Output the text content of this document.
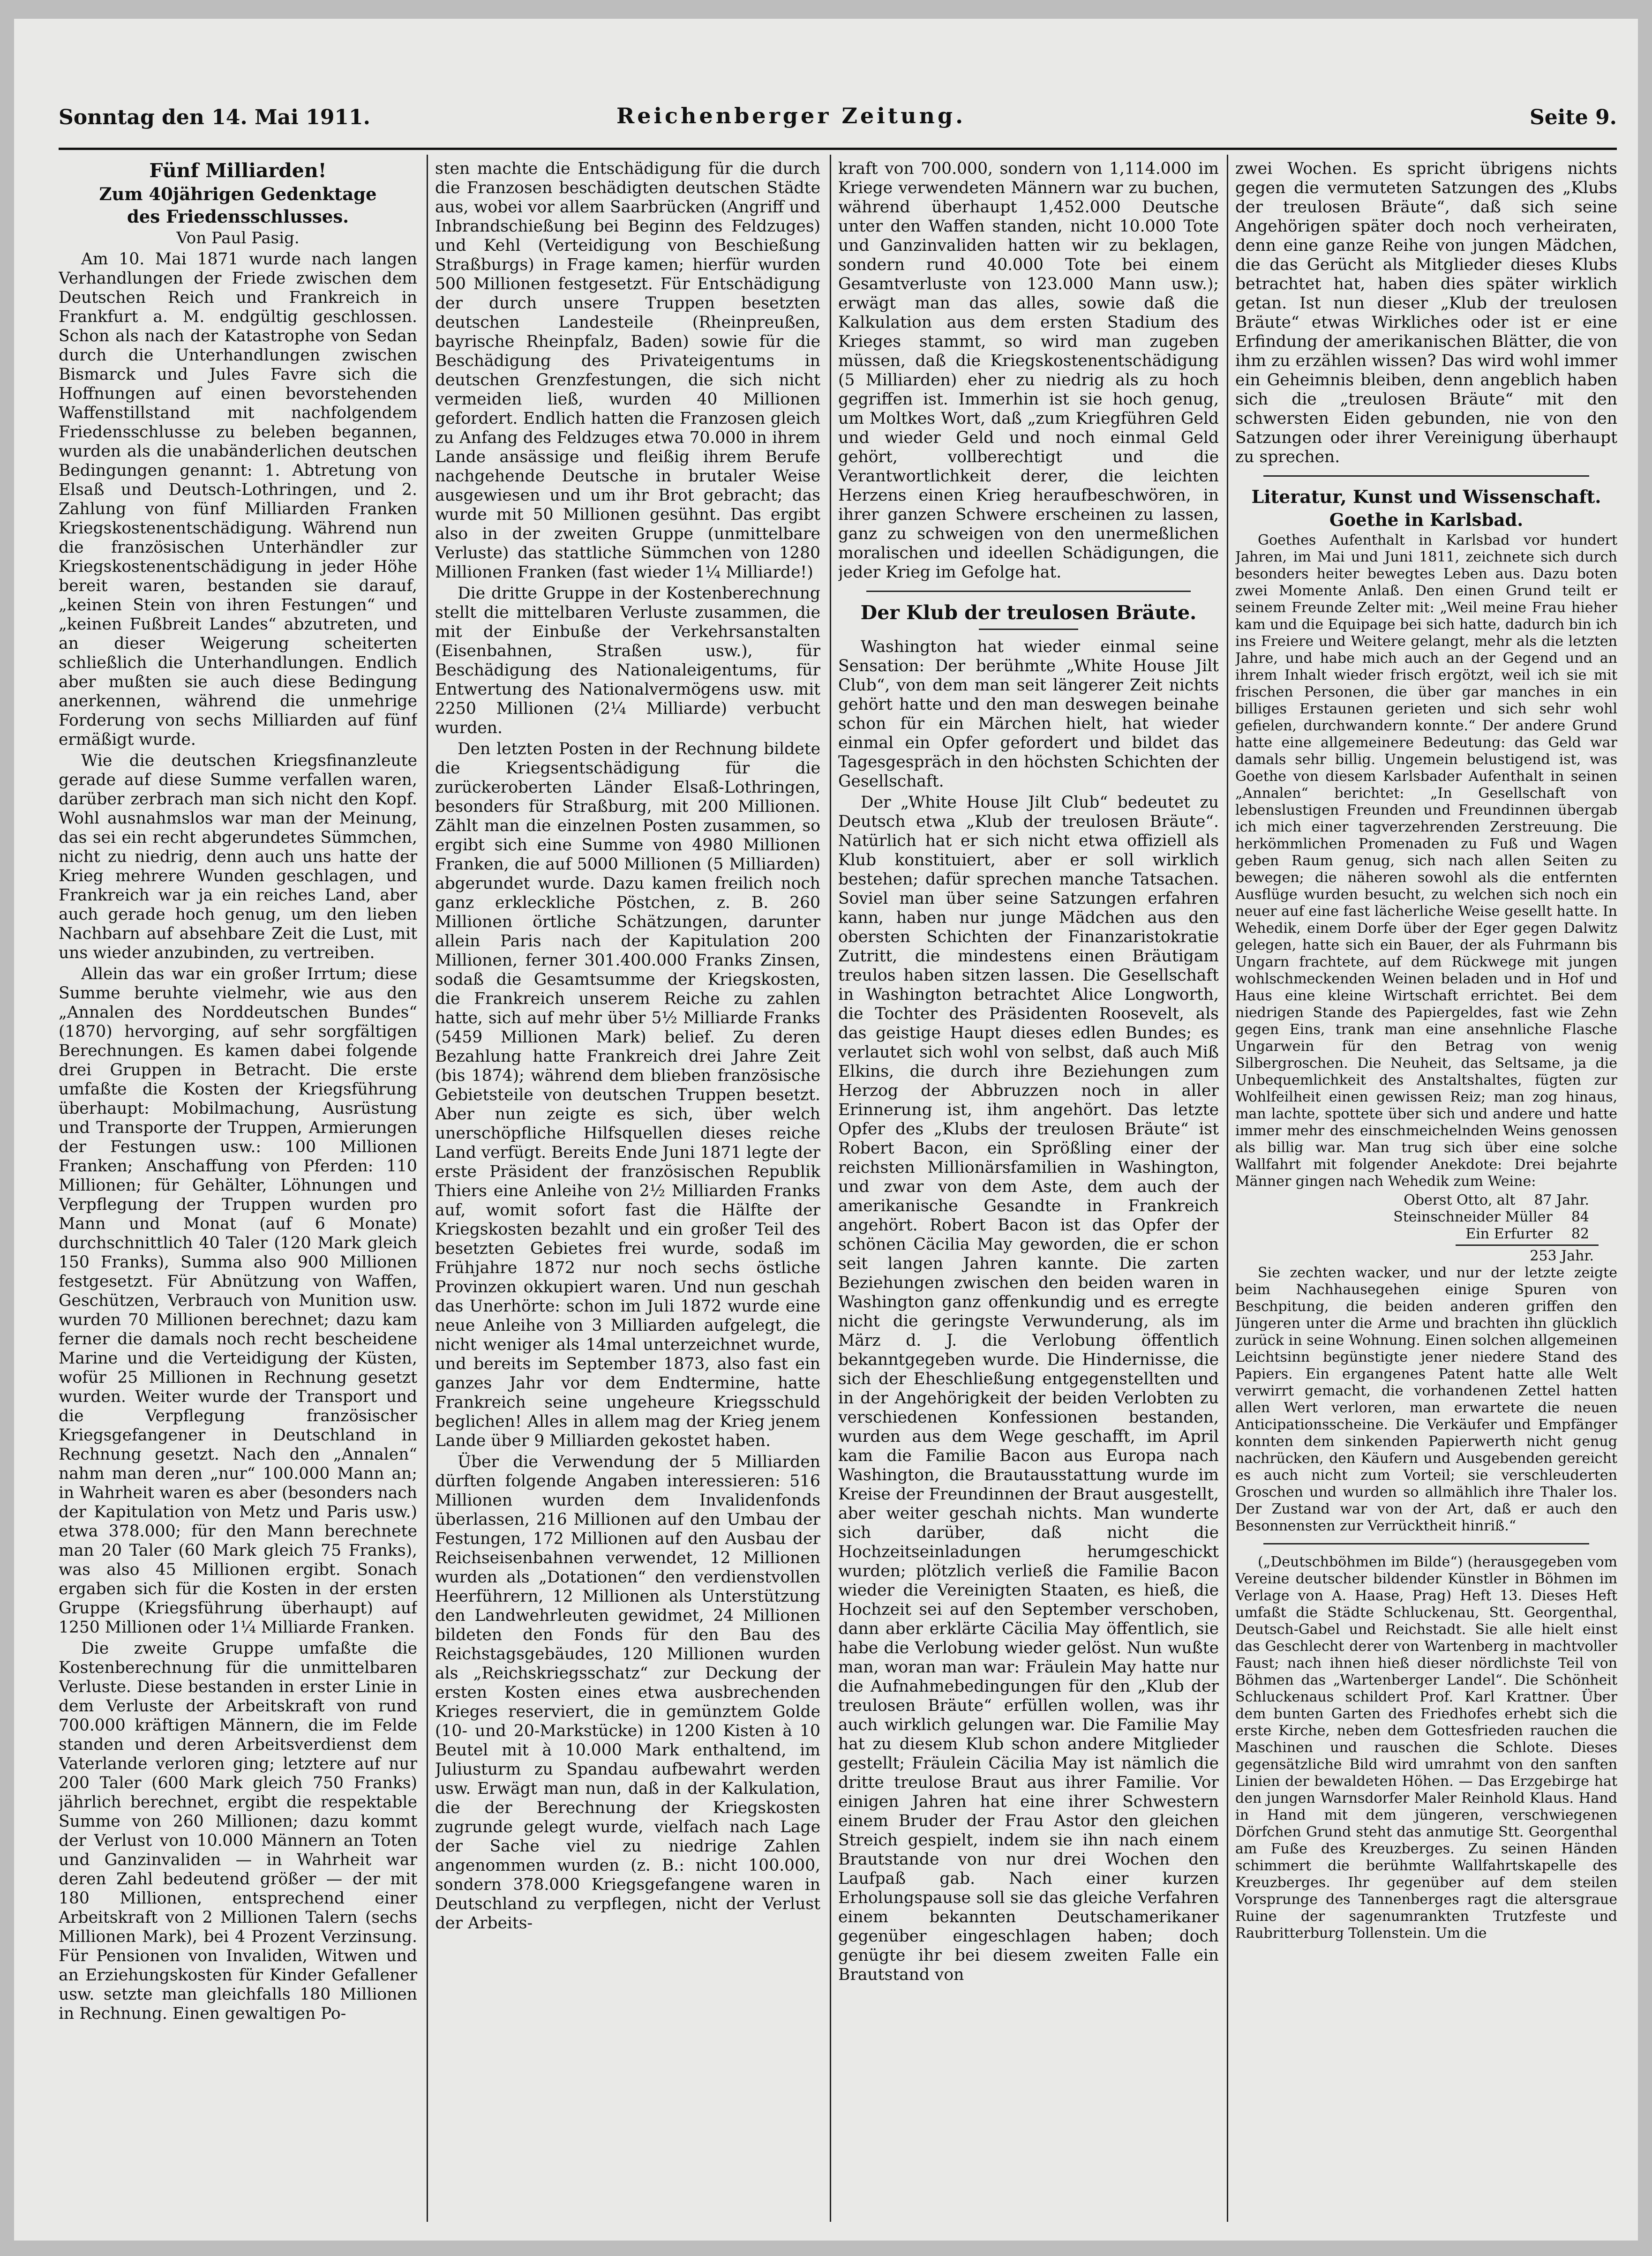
Sonntag den 14. Mai 1911.	Reichenberger Zeitung.	Seite 9.

Fünf Milliarden!

Zum 40jährigen Gedenktage

des Friedensschlusses.

Von Paul Pasig.

Am 10. Mai 1871 wurde nach langen Verhandlungen der Friede zwischen dem Deutschen Reich und Frankreich in Frankfurt a. M. endgültig geschlossen. Schon als nach der Katastrophe von Sedan durch die Unterhandlungen zwischen Bismarck und Jules Favre sich die Hoffnungen auf einen bevorstehenden Waffenstillstand mit nachfolgendem Friedensschlusse zu beleben begannen, wurden als die unabänderlichen deutschen Bedingungen genannt: 1. Abtretung von Elsaß und Deutsch-Lothringen, und 2. Zahlung von fünf Milliarden Franken Kriegskostenentschädigung. Während nun die französischen Unterhändler zur Kriegskostenentschädigung in jeder Höhe bereit waren, bestanden sie darauf, „keinen Stein von ihren Festungen“ und „keinen Fußbreit Landes“ abzutreten, und an dieser Weigerung scheiterten schließlich die Unterhandlungen. Endlich aber mußten sie auch diese Bedingung anerkennen, während die unmehrige Forderung von sechs Milliarden auf fünf ermäßigt wurde.

Wie die deutschen Kriegsfinanzleute gerade auf diese Summe verfallen waren, darüber zerbrach man sich nicht den Kopf. Wohl ausnahmslos war man der Meinung, das sei ein recht abgerundetes Sümmchen, nicht zu niedrig, denn auch uns hatte der Krieg mehrere Wunden geschlagen, und Frankreich war ja ein reiches Land, aber auch gerade hoch genug, um den lieben Nachbarn auf absehbare Zeit die Lust, mit uns wieder anzubinden, zu vertreiben.

Allein das war ein großer Irrtum; diese Summe beruhte vielmehr, wie aus den „Annalen des Norddeutschen Bundes“ (1870) hervorging, auf sehr sorgfältigen Berechnungen. Es kamen dabei folgende drei Gruppen in Betracht. Die erste umfaßte die Kosten der Kriegsführung überhaupt: Mobilmachung, Ausrüstung und Transporte der Truppen, Armierungen der Festungen usw.: 100 Millionen Franken; Anschaffung von Pferden: 110 Millionen; für Gehälter, Löhnungen und Verpflegung der Truppen wurden pro Mann und Monat (auf 6 Monate) durchschnittlich 40 Taler (120 Mark gleich 150 Franks), Summa also 900 Millionen festgesetzt. Für Abnützung von Waffen, Geschützen, Verbrauch von Munition usw. wurden 70 Millionen berechnet; dazu kam ferner die damals noch recht bescheidene Marine und die Verteidigung der Küsten, wofür 25 Millionen in Rechnung gesetzt wurden. Weiter wurde der Transport und die Verpflegung französischer Kriegsgefangener in Deutschland in Rechnung gesetzt. Nach den „Annalen“ nahm man deren „nur“ 100.000 Mann an; in Wahrheit waren es aber (besonders nach der Kapitulation von Metz und Paris usw.) etwa 378.000; für den Mann berechnete man 20 Taler (60 Mark gleich 75 Franks), was also 45 Millionen ergibt. Sonach ergaben sich für die Kosten in der ersten Gruppe (Kriegsführung überhaupt) auf 1250 Millionen oder 1¼ Milliarde Franken.

Die zweite Gruppe umfaßte die Kostenberechnung für die unmittelbaren Verluste. Diese bestanden in erster Linie in dem Verluste der Arbeitskraft von rund 700.000 kräftigen Männern, die im Felde standen und deren Arbeitsverdienst dem Vaterlande verloren ging; letztere auf nur 200 Taler (600 Mark gleich 750 Franks) jährlich berechnet, ergibt die respektable Summe von 260 Millionen; dazu kommt der Verlust von 10.000 Männern an Toten und Ganzinvaliden — in Wahrheit war deren Zahl bedeutend größer — der mit 180 Millionen, entsprechend einer Arbeitskraft von 2 Millionen Talern (sechs Millionen Mark), bei 4 Prozent Verzinsung. Für Pensionen von Invaliden, Witwen und an Erziehungskosten für Kinder Gefallener usw. setzte man gleichfalls 180 Millionen in Rechnung. Einen gewaltigen Po-

sten machte die Entschädigung für die durch die Franzosen beschädigten deutschen Städte aus, wobei vor allem Saarbrücken (Angriff und Inbrandschießung bei Beginn des Feldzuges) und Kehl (Verteidigung von Beschießung Straßburgs) in Frage kamen; hierfür wurden 500 Millionen festgesetzt. Für Entschädigung der durch unsere Truppen besetzten deutschen Landesteile (Rheinpreußen, bayrische Rheinpfalz, Baden) sowie für die Beschädigung des Privateigentums in deutschen Grenzfestungen, die sich nicht vermeiden ließ, wurden 40 Millionen gefordert. Endlich hatten die Franzosen gleich zu Anfang des Feldzuges etwa 70.000 in ihrem Lande ansässige und fleißig ihrem Berufe nachgehende Deutsche in brutaler Weise ausgewiesen und um ihr Brot gebracht; das wurde mit 50 Millionen gesühnt. Das ergibt also in der zweiten Gruppe (unmittelbare Verluste) das stattliche Sümmchen von 1280 Millionen Franken (fast wieder 1¼ Milliarde!)

Die dritte Gruppe in der Kostenberechnung stellt die mittelbaren Verluste zusammen, die mit der Einbuße der Verkehrsanstalten (Eisenbahnen, Straßen usw.), für Beschädigung des Nationaleigentums, für Entwertung des Nationalvermögens usw. mit 2250 Millionen (2¼ Milliarde) verbucht wurden.

Den letzten Posten in der Rechnung bildete die Kriegsentschädigung für die zurückeroberten Länder Elsaß-Lothringen, besonders für Straßburg, mit 200 Millionen. Zählt man die einzelnen Posten zusammen, so ergibt sich eine Summe von 4980 Millionen Franken, die auf 5000 Millionen (5 Milliarden) abgerundet wurde. Dazu kamen freilich noch ganz erkleckliche Pöstchen, z. B. 260 Millionen örtliche Schätzungen, darunter allein Paris nach der Kapitulation 200 Millionen, ferner 301.400.000 Franks Zinsen, sodaß die Gesamtsumme der Kriegskosten, die Frankreich unserem Reiche zu zahlen hatte, sich auf mehr über 5½ Milliarde Franks (5459 Millionen Mark) belief. Zu deren Bezahlung hatte Frankreich drei Jahre Zeit (bis 1874); während dem blieben französische Gebietsteile von deutschen Truppen besetzt. Aber nun zeigte es sich, über welch unerschöpfliche Hilfsquellen dieses reiche Land verfügt. Bereits Ende Juni 1871 legte der erste Präsident der französischen Republik Thiers eine Anleihe von 2½ Milliarden Franks auf, womit sofort fast die Hälfte der Kriegskosten bezahlt und ein großer Teil des besetzten Gebietes frei wurde, sodaß im Frühjahre 1872 nur noch sechs östliche Provinzen okkupiert waren. Und nun geschah das Unerhörte: schon im Juli 1872 wurde eine neue Anleihe von 3 Milliarden aufgelegt, die nicht weniger als 14mal unterzeichnet wurde, und bereits im September 1873, also fast ein ganzes Jahr vor dem Endtermine, hatte Frankreich seine ungeheure Kriegsschuld beglichen! Alles in allem mag der Krieg jenem Lande über 9 Milliarden gekostet haben.

Über die Verwendung der 5 Milliarden dürften folgende Angaben interessieren: 516 Millionen wurden dem Invalidenfonds überlassen, 216 Millionen auf den Umbau der Festungen, 172 Millionen auf den Ausbau der Reichseisenbahnen verwendet, 12 Millionen wurden als „Dotationen“ den verdienstvollen Heerführern, 12 Millionen als Unterstützung den Landwehrleuten gewidmet, 24 Millionen bildeten den Fonds für den Bau des Reichstagsgebäudes, 120 Millionen wurden als „Reichskriegsschatz“ zur Deckung der ersten Kosten eines etwa ausbrechenden Krieges reserviert, die in gemünztem Golde (10- und 20-Markstücke) in 1200 Kisten à 10 Beutel mit à 10.000 Mark enthaltend, im Juliusturm zu Spandau aufbewahrt werden usw. Erwägt man nun, daß in der Kalkulation, die der Berechnung der Kriegskosten zugrunde gelegt wurde, vielfach nach Lage der Sache viel zu niedrige Zahlen angenommen wurden (z. B.: nicht 100.000, sondern 378.000 Kriegsgefangene waren in Deutschland zu verpflegen, nicht der Verlust der Arbeits-

kraft von 700.000, sondern von 1,114.000 im Kriege verwendeten Männern war zu buchen, während überhaupt 1,452.000 Deutsche unter den Waffen standen, nicht 10.000 Tote und Ganzinvaliden hatten wir zu beklagen, sondern rund 40.000 Tote bei einem Gesamtverluste von 123.000 Mann usw.); erwägt man das alles, sowie daß die Kalkulation aus dem ersten Stadium des Krieges stammt, so wird man zugeben müssen, daß die Kriegskostenentschädigung (5 Milliarden) eher zu niedrig als zu hoch gegriffen ist. Immerhin ist sie hoch genug, um Moltkes Wort, daß „zum Kriegführen Geld und wieder Geld und noch einmal Geld gehört, vollberechtigt und die Verantwortlichkeit derer, die leichten Herzens einen Krieg heraufbeschwören, in ihrer ganzen Schwere erscheinen zu lassen, ganz zu schweigen von den unermeßlichen moralischen und ideellen Schädigungen, die jeder Krieg im Gefolge hat.

Der Klub der treulosen Bräute.

Washington hat wieder einmal seine Sensation: Der berühmte „White House Jilt Club“, von dem man seit längerer Zeit nichts gehört hatte und den man deswegen beinahe schon für ein Märchen hielt, hat wieder einmal ein Opfer gefordert und bildet das Tagesgespräch in den höchsten Schichten der Gesellschaft.

Der „White House Jilt Club“ bedeutet zu Deutsch etwa „Klub der treulosen Bräute“. Natürlich hat er sich nicht etwa offiziell als Klub konstituiert, aber er soll wirklich bestehen; dafür sprechen manche Tatsachen. Soviel man über seine Satzungen erfahren kann, haben nur junge Mädchen aus den obersten Schichten der Finanzaristokratie Zutritt, die mindestens einen Bräutigam treulos haben sitzen lassen. Die Gesellschaft in Washington betrachtet Alice Longworth, die Tochter des Präsidenten Roosevelt, als das geistige Haupt dieses edlen Bundes; es verlautet sich wohl von selbst, daß auch Miß Elkins, die durch ihre Beziehungen zum Herzog der Abbruzzen noch in aller Erinnerung ist, ihm angehört. Das letzte Opfer des „Klubs der treulosen Bräute“ ist Robert Bacon, ein Sprößling einer der reichsten Millionärsfamilien in Washington, und zwar von dem Aste, dem auch der amerikanische Gesandte in Frankreich angehört. Robert Bacon ist das Opfer der schönen Cäcilia May geworden, die er schon seit langen Jahren kannte. Die zarten Beziehungen zwischen den beiden waren in Washington ganz offenkundig und es erregte nicht die geringste Verwunderung, als im März d. J. die Verlobung öffentlich bekanntgegeben wurde. Die Hindernisse, die sich der Eheschließung entgegenstellten und in der Angehörigkeit der beiden Verlobten zu verschiedenen Konfessionen bestanden, wurden aus dem Wege geschafft, im April kam die Familie Bacon aus Europa nach Washington, die Brautausstattung wurde im Kreise der Freundinnen der Braut ausgestellt, aber weiter geschah nichts. Man wunderte sich darüber, daß nicht die Hochzeitseinladungen herumgeschickt wurden; plötzlich verließ die Familie Bacon wieder die Vereinigten Staaten, es hieß, die Hochzeit sei auf den September verschoben, dann aber erklärte Cäcilia May öffentlich, sie habe die Verlobung wieder gelöst. Nun wußte man, woran man war: Fräulein May hatte nur die Aufnahmebedingungen für den „Klub der treulosen Bräute“ erfüllen wollen, was ihr auch wirklich gelungen war. Die Familie May hat zu diesem Klub schon andere Mitglieder gestellt; Fräulein Cäcilia May ist nämlich die dritte treulose Braut aus ihrer Familie. Vor einigen Jahren hat eine ihrer Schwestern einem Bruder der Frau Astor den gleichen Streich gespielt, indem sie ihn nach einem Brautstande von nur drei Wochen den Laufpaß gab. Nach einer kurzen Erholungspause soll sie das gleiche Verfahren einem bekannten Deutschamerikaner gegenüber eingeschlagen haben; doch genügte ihr bei diesem zweiten Falle ein Brautstand von

zwei Wochen. Es spricht übrigens nichts gegen die vermuteten Satzungen des „Klubs der treulosen Bräute“, daß sich seine Angehörigen später doch noch verheiraten, denn eine ganze Reihe von jungen Mädchen, die das Gerücht als Mitglieder dieses Klubs betrachtet hat, haben dies später wirklich getan. Ist nun dieser „Klub der treulosen Bräute“ etwas Wirkliches oder ist er eine Erfindung der amerikanischen Blätter, die von ihm zu erzählen wissen? Das wird wohl immer ein Geheimnis bleiben, denn angeblich haben sich die „treulosen Bräute“ mit den schwersten Eiden gebunden, nie von den Satzungen oder ihrer Vereinigung überhaupt zu sprechen.

Literatur, Kunst und Wissenschaft.

Goethe in Karlsbad.

Goethes Aufenthalt in Karlsbad vor hundert Jahren, im Mai und Juni 1811, zeichnete sich durch besonders heiter bewegtes Leben aus. Dazu boten zwei Momente Anlaß. Den einen Grund teilt er seinem Freunde Zelter mit: „Weil meine Frau hieher kam und die Equipage bei sich hatte, dadurch bin ich ins Freiere und Weitere gelangt, mehr als die letzten Jahre, und habe mich auch an der Gegend und an ihrem Inhalt wieder frisch ergötzt, weil ich sie mit frischen Personen, die über gar manches in ein billiges Erstaunen gerieten und sich sehr wohl gefielen, durchwandern konnte.“ Der andere Grund hatte eine allgemeinere Bedeutung: das Geld war damals sehr billig. Ungemein belustigend ist, was Goethe von diesem Karlsbader Aufenthalt in seinen „Annalen“ berichtet: „In Gesellschaft von lebenslustigen Freunden und Freundinnen übergab ich mich einer tagverzehrenden Zerstreuung. Die herkömmlichen Promenaden zu Fuß und Wagen geben Raum genug, sich nach allen Seiten zu bewegen; die näheren sowohl als die entfernten Ausflüge wurden besucht, zu welchen sich noch ein neuer auf eine fast lächerliche Weise gesellt hatte. In Wehedik, einem Dorfe über der Eger gegen Dalwitz gelegen, hatte sich ein Bauer, der als Fuhrmann bis Ungarn frachtete, auf dem Rückwege mit jungen wohlschmeckenden Weinen beladen und in Hof und Haus eine kleine Wirtschaft errichtet. Bei dem niedrigen Stande des Papiergeldes, fast wie Zehn gegen Eins, trank man eine ansehnliche Flasche Ungarwein für den Betrag von wenig Silbergroschen. Die Neuheit, das Seltsame, ja die Unbequemlichkeit des Anstaltshaltes, fügten zur Wohlfeilheit einen gewissen Reiz; man zog hinaus, man lachte, spottete über sich und andere und hatte immer mehr des einschmeichelnden Weins genossen als billig war. Man trug sich über eine solche Wallfahrt mit folgender Anekdote: Drei bejahrte Männer gingen nach Wehedik zum Weine:

Oberst Otto, alt 87 Jahr.
Steinschneider Müller 84
Ein Erfurter 82
253 Jahr.

Sie zechten wacker, und nur der letzte zeigte beim Nachhausegehen einige Spuren von Beschpitung, die beiden anderen griffen den Jüngeren unter die Arme und brachten ihn glücklich zurück in seine Wohnung. Einen solchen allgemeinen Leichtsinn begünstigte jener niedere Stand des Papiers. Ein ergangenes Patent hatte alle Welt verwirrt gemacht, die vorhandenen Zettel hatten allen Wert verloren, man erwartete die neuen Anticipationsscheine. Die Verkäufer und Empfänger konnten dem sinkenden Papierwerth nicht genug nachrücken, den Käufern und Ausgebenden gereicht es auch nicht zum Vorteil; sie verschleuderten Groschen und wurden so allmählich ihre Thaler los. Der Zustand war von der Art, daß er auch den Besonnensten zur Verrücktheit hinriß.“

(„Deutschböhmen im Bilde“) (herausgegeben vom Vereine deutscher bildender Künstler in Böhmen im Verlage von A. Haase, Prag) Heft 13. Dieses Heft umfaßt die Städte Schluckenau, Stt. Georgenthal, Deutsch-Gabel und Reichstadt. Sie alle hielt einst das Geschlecht derer von Wartenberg in machtvoller Faust; nach ihnen hieß dieser nördlichste Teil von Böhmen das „Wartenberger Landel“. Die Schönheit Schluckenaus schildert Prof. Karl Krattner. Über dem bunten Garten des Friedhofes erhebt sich die erste Kirche, neben dem Gottesfrieden rauchen die Maschinen und rauschen die Schlote. Dieses gegensätzliche Bild wird umrahmt von den sanften Linien der bewaldeten Höhen. — Das Erzgebirge hat den jungen Warnsdorfer Maler Reinhold Klaus. Hand in Hand mit dem jüngeren, verschwiegenen Dörfchen Grund steht das anmutige Stt. Georgenthal am Fuße des Kreuzberges. Zu seinen Händen schimmert die berühmte Wallfahrtskapelle des Kreuzberges. Ihr gegenüber auf dem steilen Vorsprunge des Tannenberges ragt die altersgraue Ruine der sagenumrankten Trutzfeste und Raubritterburg Tollenstein. Um die
